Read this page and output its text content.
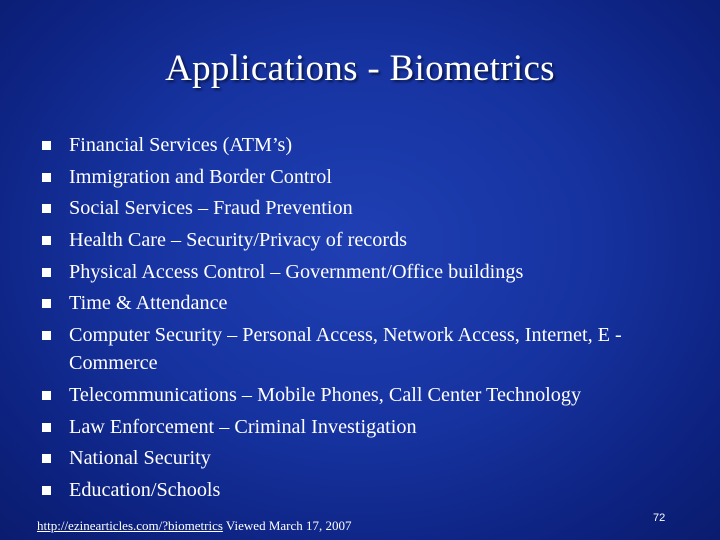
Applications - Biometrics
Financial Services (ATM’s)
Immigration and Border Control
Social Services – Fraud Prevention
Health Care – Security/Privacy of records
Physical Access Control – Government/Office buildings
Time & Attendance
Computer Security – Personal Access, Network Access, Internet, E -Commerce
Telecommunications – Mobile Phones, Call Center Technology
Law Enforcement – Criminal Investigation
National Security
Education/Schools
http://ezinearticles.com/?biometrics Viewed March 17, 2007	72
